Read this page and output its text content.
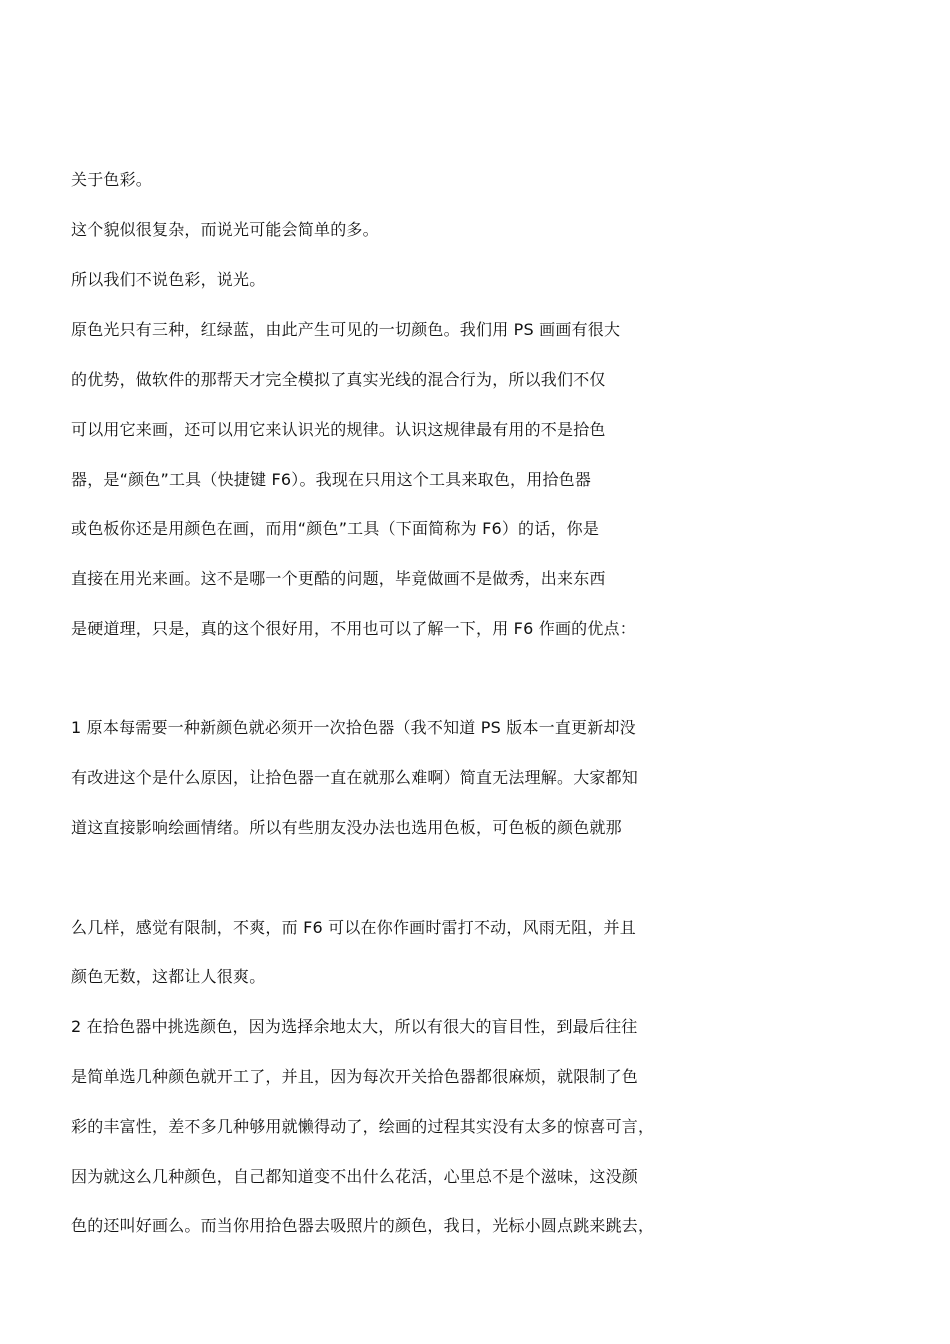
关于色彩。
这个貌似很复杂，而说光可能会简单的多。
所以我们不说色彩，说光。
原色光只有三种，红绿蓝，由此产生可见的一切颜色。我们用 PS 画画有很大
的优势，做软件的那帮天才完全模拟了真实光线的混合行为，所以我们不仅
可以用它来画，还可以用它来认识光的规律。认识这规律最有用的不是拾色
器，是“颜色”工具（快捷键 F6）。我现在只用这个工具来取色，用拾色器
或色板你还是用颜色在画，而用“颜色”工具（下面简称为 F6）的话，你是
直接在用光来画。这不是哪一个更酷的问题，毕竟做画不是做秀，出来东西
是硬道理，只是，真的这个很好用，不用也可以了解一下，用 F6 作画的优点：
1 原本每需要一种新颜色就必须开一次拾色器（我不知道 PS 版本一直更新却没
有改进这个是什么原因，让拾色器一直在就那么难啊）简直无法理解。大家都知
道这直接影响绘画情绪。所以有些朋友没办法也选用色板，可色板的颜色就那
么几样，感觉有限制，不爽，而 F6 可以在你作画时雷打不动，风雨无阻，并且
颜色无数，这都让人很爽。
2 在拾色器中挑选颜色，因为选择余地太大，所以有很大的盲目性，到最后往往
是简单选几种颜色就开工了，并且，因为每次开关拾色器都很麻烦，就限制了色
彩的丰富性，差不多几种够用就懒得动了，绘画的过程其实没有太多的惊喜可言，
因为就这么几种颜色，自己都知道变不出什么花活，心里总不是个滋味，这没颜
色的还叫好画么。而当你用拾色器去吸照片的颜色，我日，光标小圆点跳来跳去，
